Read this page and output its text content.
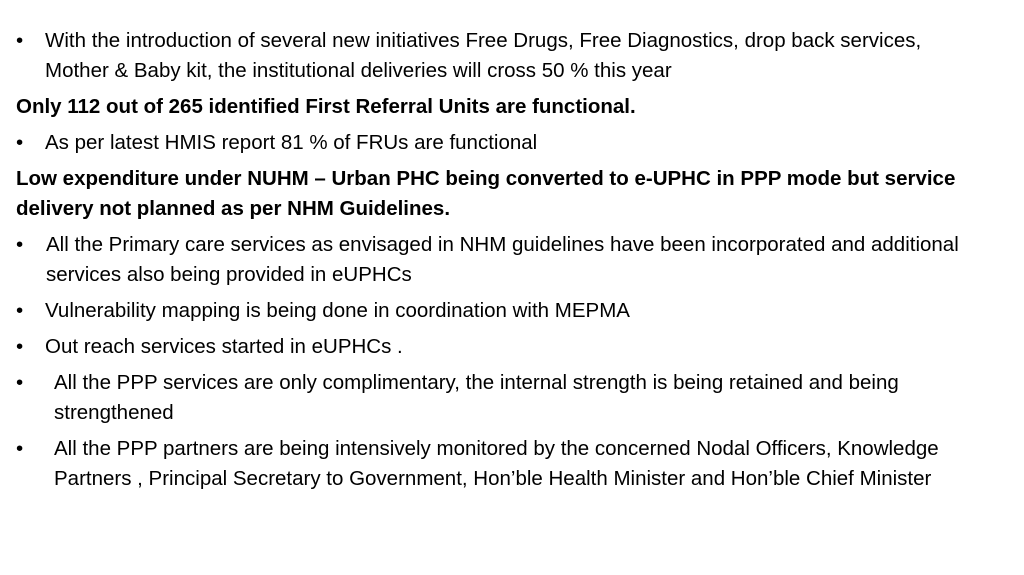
• With the introduction of several new initiatives Free Drugs, Free Diagnostics, drop back services, Mother & Baby kit, the institutional deliveries will cross 50 % this year
Only 112 out of 265 identified First Referral Units are functional.
• As per latest HMIS report 81 % of FRUs are functional
Low expenditure under NUHM – Urban PHC being converted to e-UPHC in PPP mode but service delivery not planned as per NHM Guidelines.
• All the Primary care services as envisaged in NHM guidelines have been incorporated and additional services also being provided in eUPHCs
• Vulnerability mapping is being done in coordination with MEPMA
• Out reach services started in eUPHCs .
• All the PPP services are only complimentary, the internal strength is being retained and being strengthened
• All the PPP partners are being intensively monitored by the concerned Nodal Officers, Knowledge Partners , Principal Secretary to Government, Hon’ble Health Minister and Hon’ble Chief Minister
